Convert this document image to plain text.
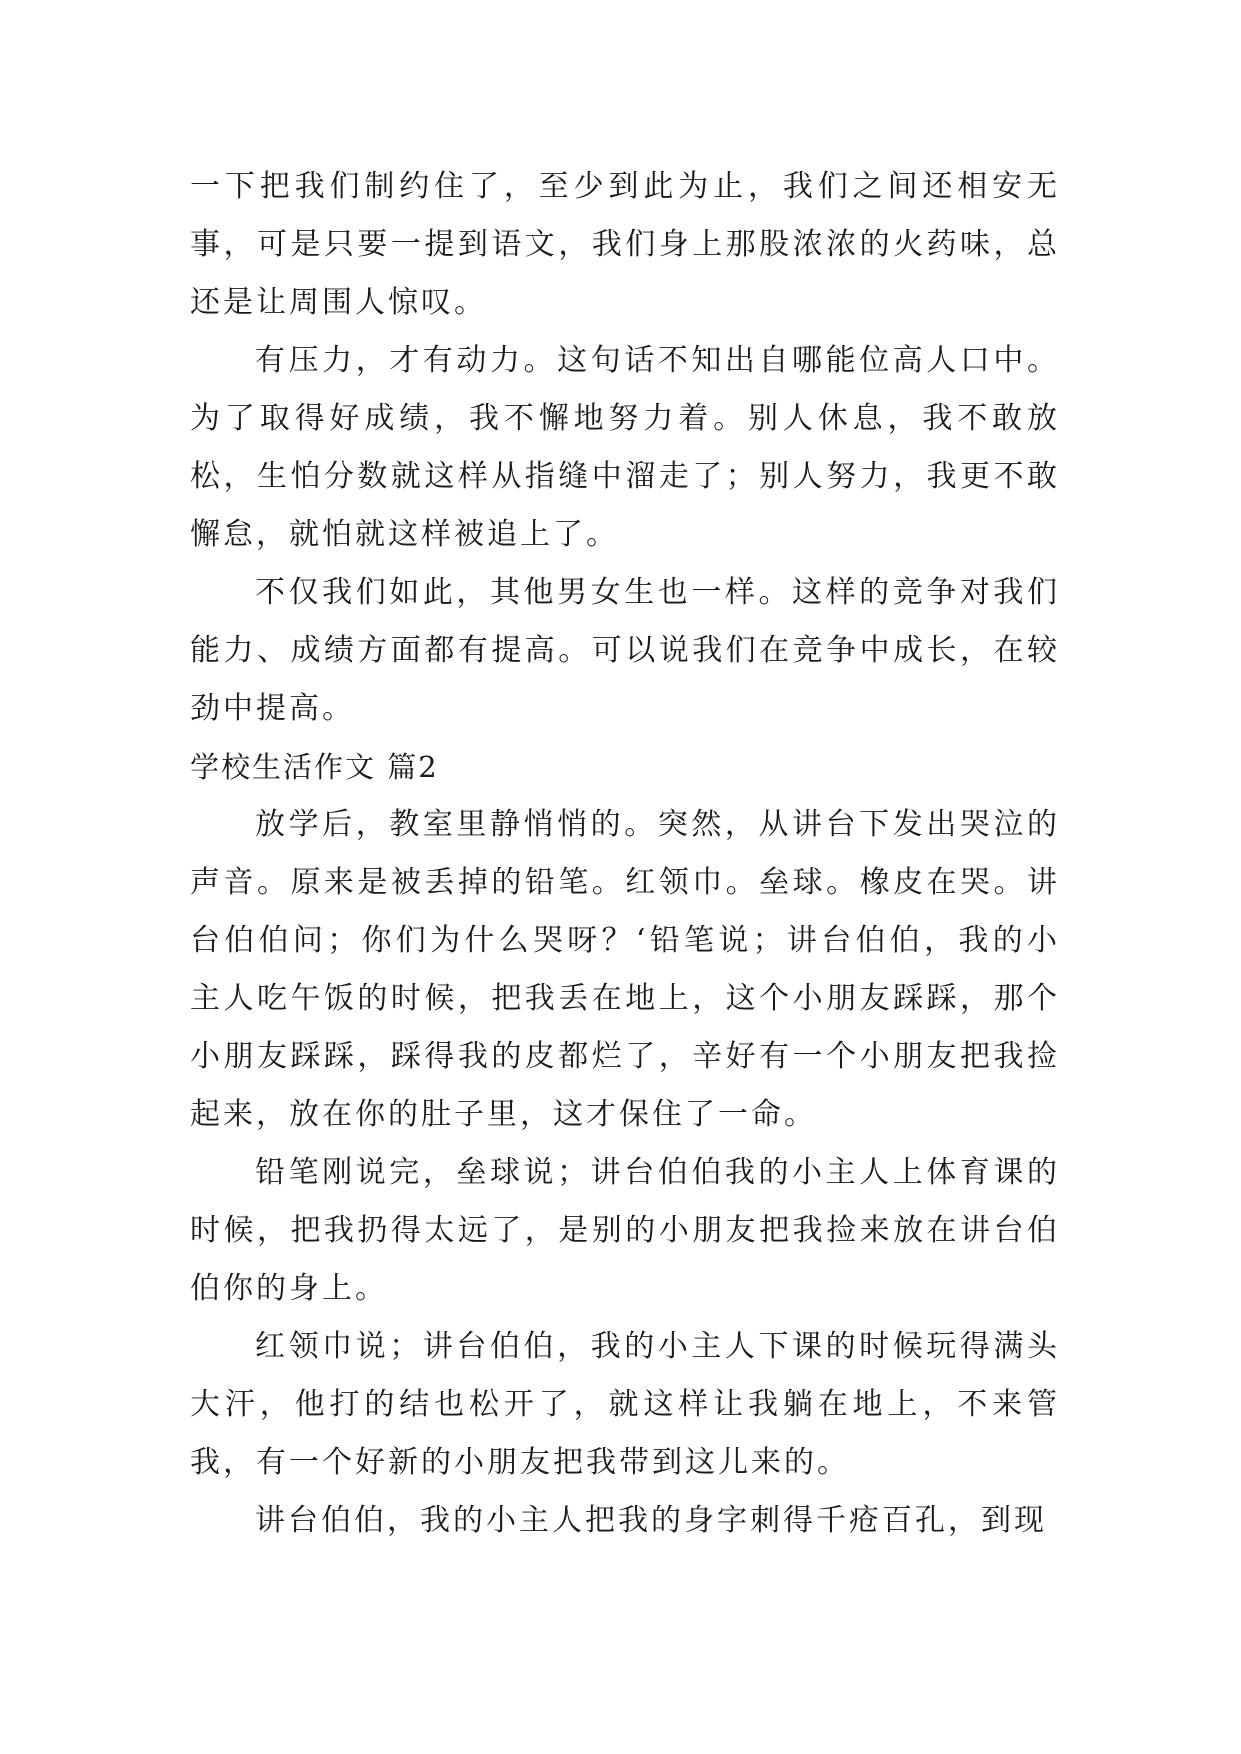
一下把我们制约住了，至少到此为止，我们之间还相安无事，可是只要一提到语文，我们身上那股浓浓的火药味，总还是让周围人惊叹。

有压力，才有动力。这句话不知出自哪能位高人口中。为了取得好成绩，我不懈地努力着。别人休息，我不敢放松，生怕分数就这样从指缝中溜走了；别人努力，我更不敢懈怠，就怕就这样被追上了。

不仅我们如此，其他男女生也一样。这样的竞争对我们能力、成绩方面都有提高。可以说我们在竞争中成长，在较劲中提高。

学校生活作文 篇2

放学后，教室里静悄悄的。突然，从讲台下发出哭泣的声音。原来是被丢掉的铅笔。红领巾。垒球。橡皮在哭。讲台伯伯问；你们为什么哭呀？‘铅笔说；讲台伯伯，我的小主人吃午饭的时候，把我丢在地上，这个小朋友踩踩，那个小朋友踩踩，踩得我的皮都烂了，辛好有一个小朋友把我捡起来，放在你的肚子里，这才保住了一命。

铅笔刚说完，垒球说；讲台伯伯我的小主人上体育课的时候，把我扔得太远了，是别的小朋友把我捡来放在讲台伯伯你的身上。

红领巾说；讲台伯伯，我的小主人下课的时候玩得满头大汗，他打的结也松开了，就这样让我躺在地上，不来管我，有一个好新的小朋友把我带到这儿来的。

讲台伯伯，我的小主人把我的身字刺得千疮百孔，到现
